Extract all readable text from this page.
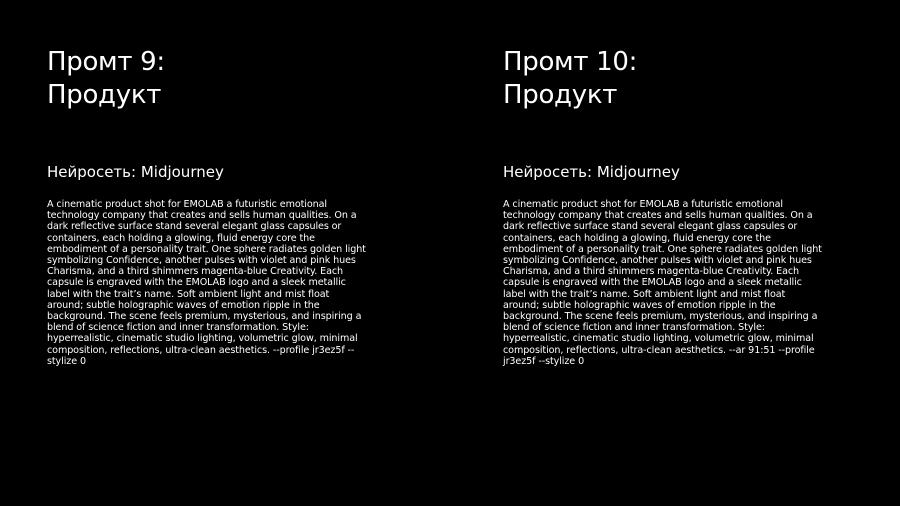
Промт 9:
Продукт
Нейросеть: Midjourney

A cinematic product shot for EMOLAB a futuristic emotional
technology company that creates and sells human qualities. On a
dark reflective surface stand several elegant glass capsules or
containers, each holding a glowing, fluid energy core the
embodiment of a personality trait. One sphere radiates golden light
symbolizing Confidence, another pulses with violet and pink hues
Charisma, and a third shimmers magenta-blue Creativity. Each
capsule is engraved with the EMOLAB logo and a sleek metallic
label with the trait’s name. Soft ambient light and mist float
around; subtle holographic waves of emotion ripple in the
background. The scene feels premium, mysterious, and inspiring a
blend of science fiction and inner transformation. Style:
hyperrealistic, cinematic studio lighting, volumetric glow, minimal
composition, reflections, ultra-clean aesthetics. --profile jr3ez5f --
stylize 0

Промт 10:
Продукт
Нейросеть: Midjourney

A cinematic product shot for EMOLAB a futuristic emotional
technology company that creates and sells human qualities. On a
dark reflective surface stand several elegant glass capsules or
containers, each holding a glowing, fluid energy core the
embodiment of a personality trait. One sphere radiates golden light
symbolizing Confidence, another pulses with violet and pink hues
Charisma, and a third shimmers magenta-blue Creativity. Each
capsule is engraved with the EMOLAB logo and a sleek metallic
label with the trait’s name. Soft ambient light and mist float
around; subtle holographic waves of emotion ripple in the
background. The scene feels premium, mysterious, and inspiring a
blend of science fiction and inner transformation. Style:
hyperrealistic, cinematic studio lighting, volumetric glow, minimal
composition, reflections, ultra-clean aesthetics. --ar 91:51 --profile
jr3ez5f --stylize 0
